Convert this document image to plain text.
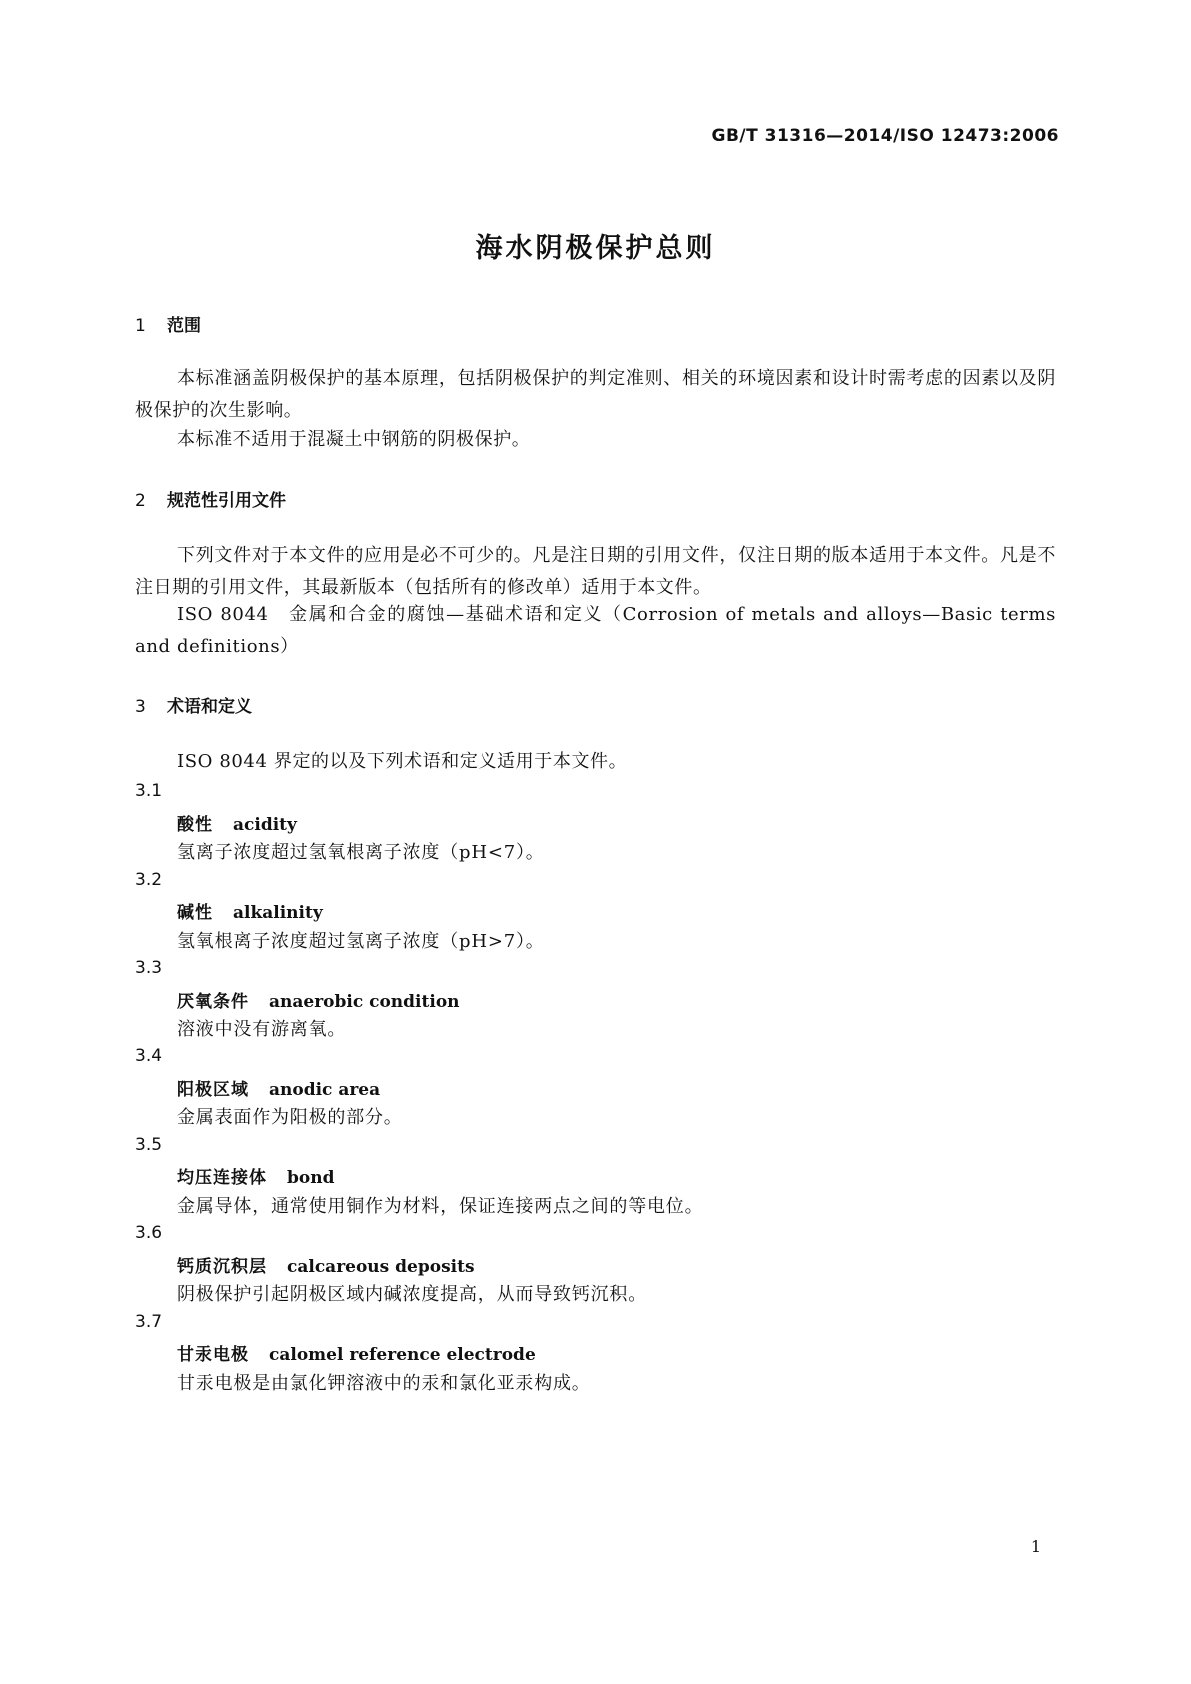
GB/T 31316—2014/ISO 12473:2006
海水阴极保护总则
1 范围
本标准涵盖阴极保护的基本原理，包括阴极保护的判定准则、相关的环境因素和设计时需考虑的因素以及阴极保护的次生影响。
本标准不适用于混凝土中钢筋的阴极保护。
2 规范性引用文件
下列文件对于本文件的应用是必不可少的。凡是注日期的引用文件，仅注日期的版本适用于本文件。凡是不注日期的引用文件，其最新版本（包括所有的修改单）适用于本文件。
ISO 8044　金属和合金的腐蚀—基础术语和定义（Corrosion of metals and alloys—Basic terms and definitions）
3 术语和定义
ISO 8044 界定的以及下列术语和定义适用于本文件。
3.1
酸性 acidity
氢离子浓度超过氢氧根离子浓度（pH<7）。
3.2
碱性 alkalinity
氢氧根离子浓度超过氢离子浓度（pH>7）。
3.3
厌氧条件 anaerobic condition
溶液中没有游离氧。
3.4
阳极区域 anodic area
金属表面作为阳极的部分。
3.5
均压连接体 bond
金属导体，通常使用铜作为材料，保证连接两点之间的等电位。
3.6
钙质沉积层 calcareous deposits
阴极保护引起阴极区域内碱浓度提高，从而导致钙沉积。
3.7
甘汞电极 calomel reference electrode
甘汞电极是由氯化钾溶液中的汞和氯化亚汞构成。
1
